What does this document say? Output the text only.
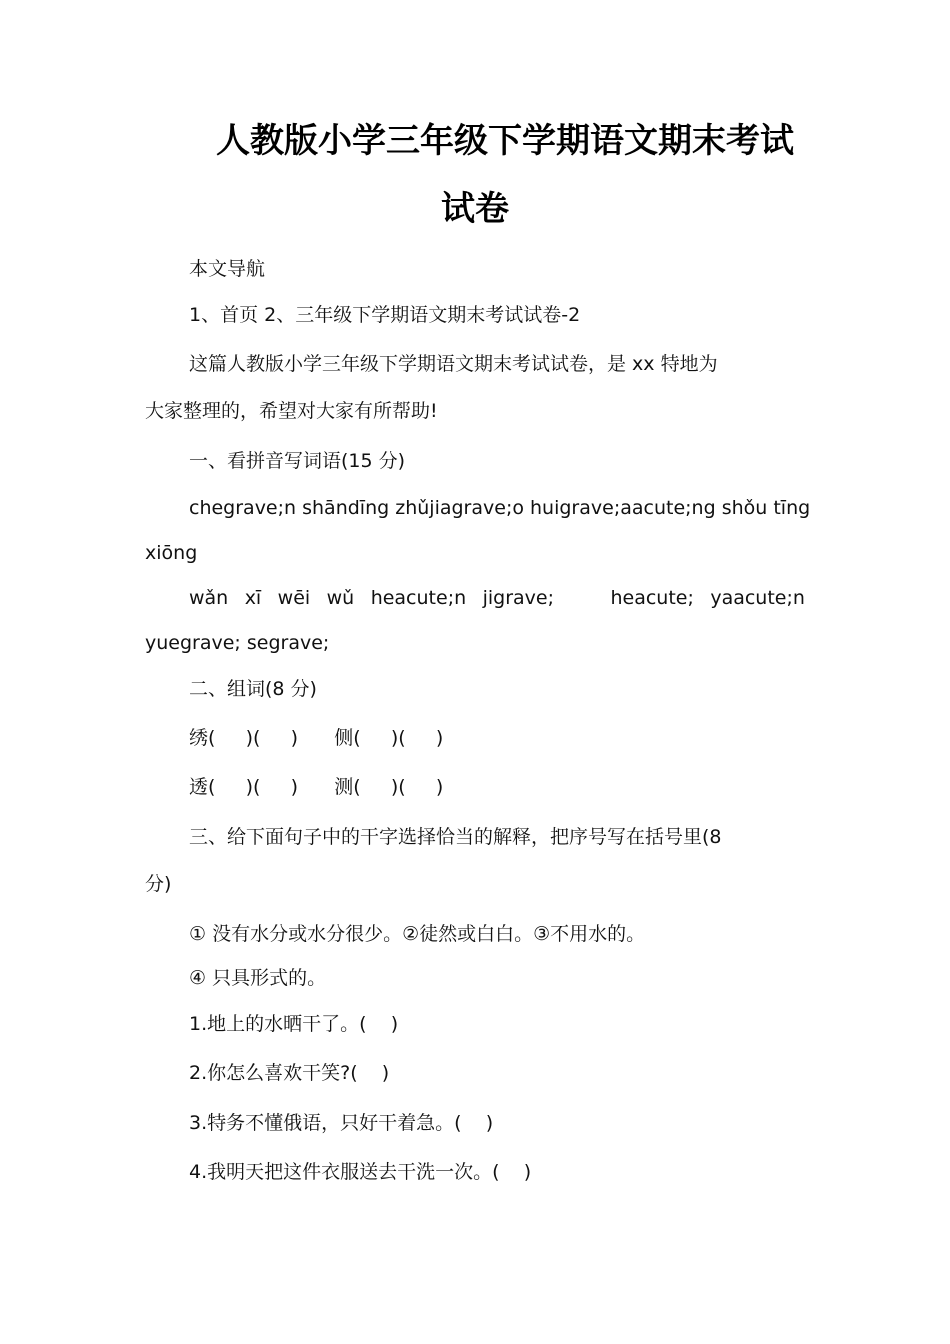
人教版小学三年级下学期语文期末考试
试卷
本文导航
1、首页 2、三年级下学期语文期末考试试卷-2
这篇人教版小学三年级下学期语文期末考试试卷，是 xx 特地为
大家整理的，希望对大家有所帮助!
一、看拼音写词语(15 分)
chegrave;n shān dīng zhǔ jiagrave;o huigrave; aacute;ng shǒu tīng
xiōng
wǎn xī wēi wǔ heacute;n jigrave;	heacute; yaacute;n
yuegrave; segrave;
二、组词(8 分)
绣(     )(     )      侧(     )(     )
透(     )(     )      测(     )(     )
三、给下面句子中的干字选择恰当的解释，把序号写在括号里(8
分)
① 没有水分或水分很少。②徒然或白白。③不用水的。
④ 只具形式的。
1.地上的水晒干了。(    )
2.你怎么喜欢干笑?(    )
3.特务不懂俄语，只好干着急。(    )
4.我明天把这件衣服送去干洗一次。(    )
